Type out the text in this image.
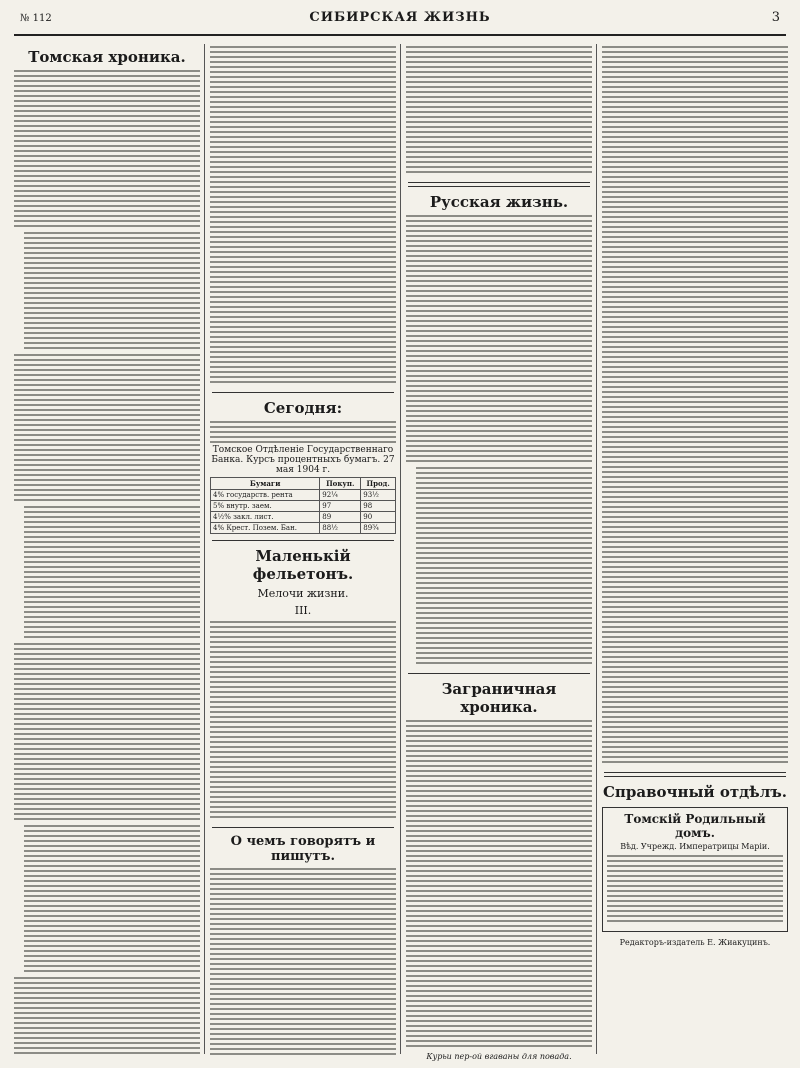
№ 112	СИБИРСКАЯ ЖИЗНЬ	3
Томская хроника.
Сегодня:
Томское Отдѣленіе Государственнаго Банка. Курсъ процентныхъ бумагъ. 27 мая 1904 г.
Бумаги	Покуп.	Прод.
4% государств. рента	92¼	93½
5% внутр. заем.	97	98
4½% закл. лист.	89	90
4% Крест. Позем. Бан.	88½	89¾
Маленькій фельетонъ.
Мелочи жизни.
III.
О чемъ говорятъ и пишутъ.
Русская жизнь.
Заграничная хроника.
Курьи пер-ой вгаваны для повада.
Справочный отдѣлъ.
Томскій Родильный домъ.
Вѣд. Учрежд. Императрицы Маріи.
Редакторъ-издатель Е. Жиакуцинъ.
